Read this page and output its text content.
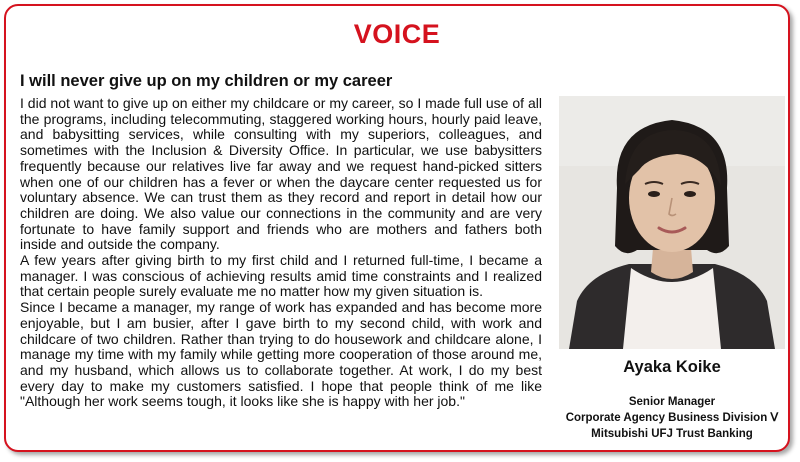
VOICE
I will never give up on my children or my career

I did not want to give up on either my childcare or my career, so I made full use of all the programs, including telecommuting, staggered working hours, hourly paid leave, and babysitting services, while consulting with my superiors, colleagues, and sometimes with the Inclusion & Diversity Office. In particular, we use babysitters frequently because our relatives live far away and we request hand-picked sitters when one of our children has a fever or when the daycare center requested us for voluntary absence. We can trust them as they record and report in detail how our children are doing. We also value our connections in the community and are very fortunate to have family support and friends who are mothers and fathers both inside and outside the company.

A few years after giving birth to my first child and I returned full-time, I became a manager. I was conscious of achieving results amid time constraints and I realized that certain people surely evaluate me no matter how my given situation is.

Since I became a manager, my range of work has expanded and has become more enjoyable, but I am busier, after I gave birth to my second child, with work and childcare of two children. Rather than trying to do housework and childcare alone, I manage my time with my family while getting more cooperation of those around me, and my husband, which allows us to collaborate together. At work, I do my best every day to make my customers satisfied. I hope that people think of me like "Although her work seems tough, it looks like she is happy with her job."

Ayaka Koike
Senior Manager
Corporate Agency Business Division Ⅴ
Mitsubishi UFJ Trust Banking
